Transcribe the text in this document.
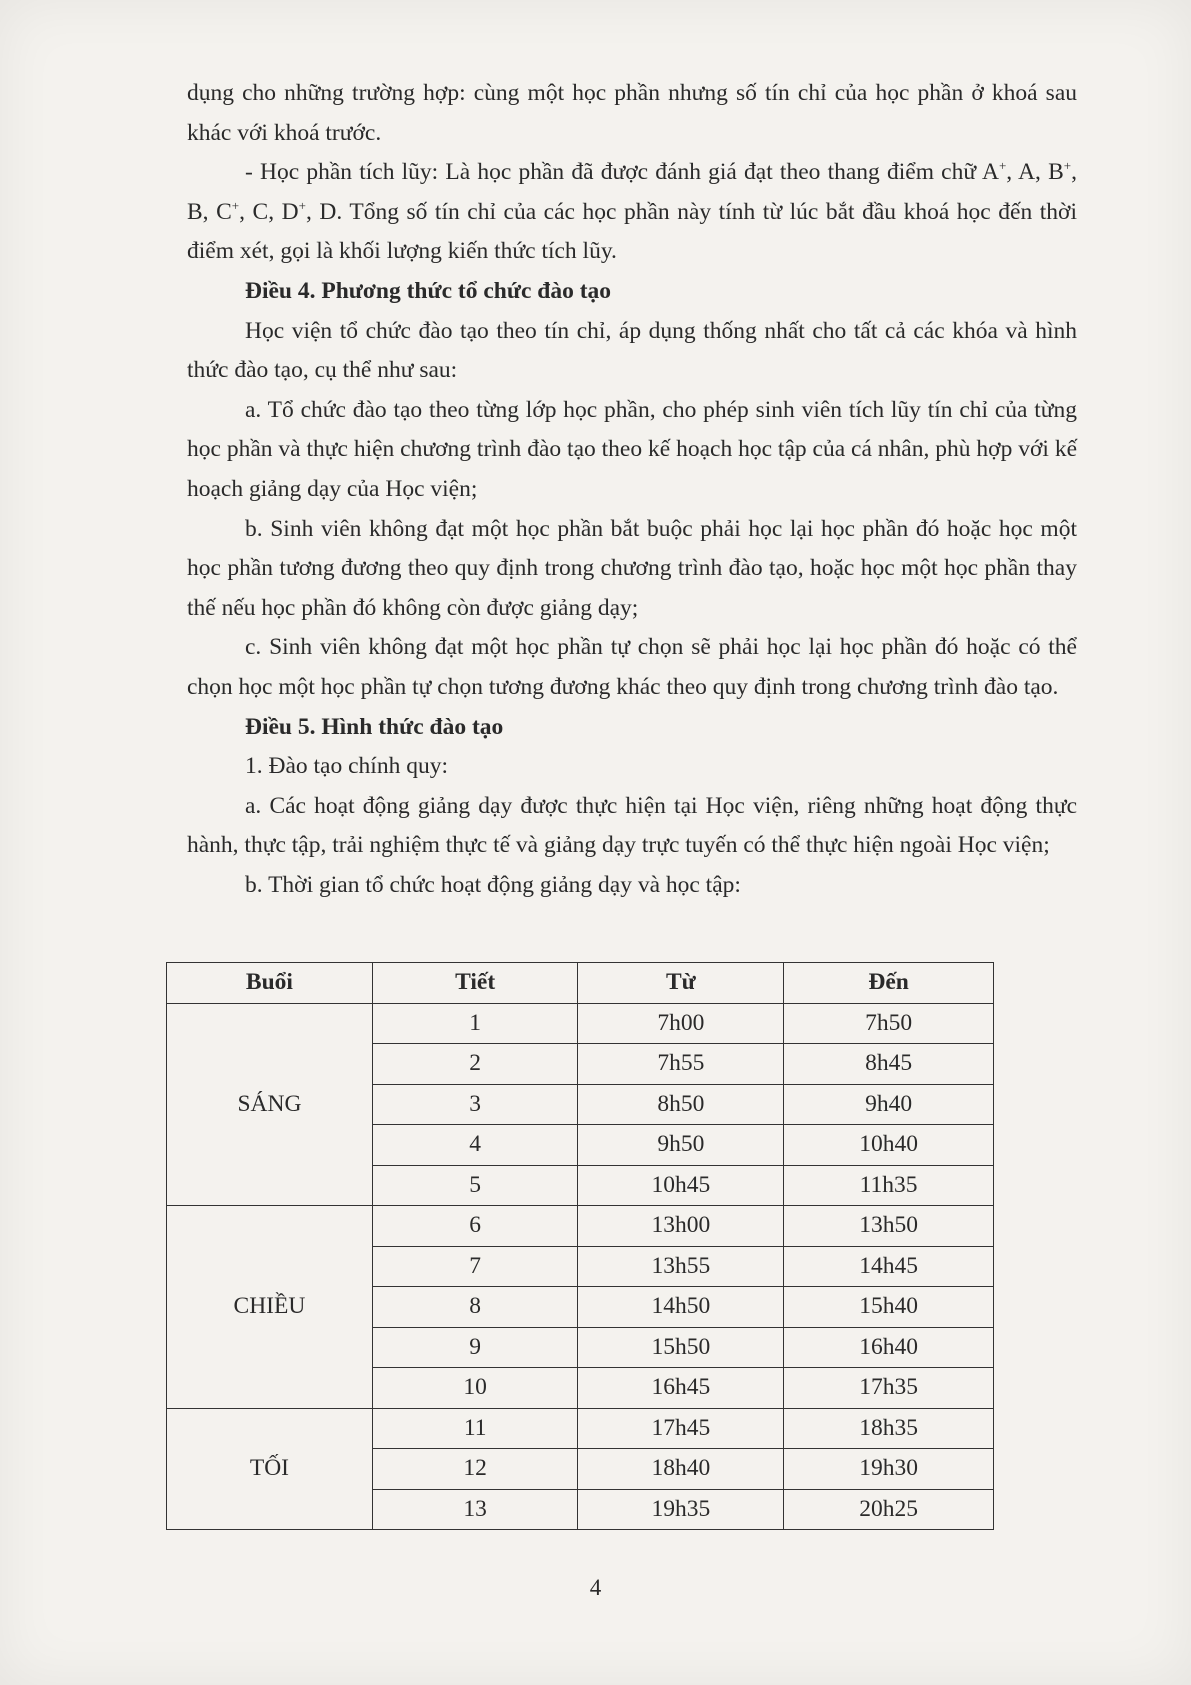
dụng cho những trường hợp: cùng một học phần nhưng số tín chỉ của học phần ở khoá sau khác với khoá trước.

- Học phần tích lũy: Là học phần đã được đánh giá đạt theo thang điểm chữ A+, A, B+, B, C+, C, D+, D. Tổng số tín chỉ của các học phần này tính từ lúc bắt đầu khoá học đến thời điểm xét, gọi là khối lượng kiến thức tích lũy.

Điều 4. Phương thức tổ chức đào tạo

Học viện tổ chức đào tạo theo tín chỉ, áp dụng thống nhất cho tất cả các khóa và hình thức đào tạo, cụ thể như sau:

a. Tổ chức đào tạo theo từng lớp học phần, cho phép sinh viên tích lũy tín chỉ của từng học phần và thực hiện chương trình đào tạo theo kế hoạch học tập của cá nhân, phù hợp với kế hoạch giảng dạy của Học viện;

b. Sinh viên không đạt một học phần bắt buộc phải học lại học phần đó hoặc học một học phần tương đương theo quy định trong chương trình đào tạo, hoặc học một học phần thay thế nếu học phần đó không còn được giảng dạy;

c. Sinh viên không đạt một học phần tự chọn sẽ phải học lại học phần đó hoặc có thể chọn học một học phần tự chọn tương đương khác theo quy định trong chương trình đào tạo.

Điều 5. Hình thức đào tạo

1. Đào tạo chính quy:

a. Các hoạt động giảng dạy được thực hiện tại Học viện, riêng những hoạt động thực hành, thực tập, trải nghiệm thực tế và giảng dạy trực tuyến có thể thực hiện ngoài Học viện;

b. Thời gian tổ chức hoạt động giảng dạy và học tập:

Buổi	Tiết	Từ	Đến
SÁNG	1	7h00	7h50
	2	7h55	8h45
	3	8h50	9h40
	4	9h50	10h40
	5	10h45	11h35
CHIỀU	6	13h00	13h50
	7	13h55	14h45
	8	14h50	15h40
	9	15h50	16h40
	10	16h45	17h35
TỐI	11	17h45	18h35
	12	18h40	19h30
	13	19h35	20h25
4
